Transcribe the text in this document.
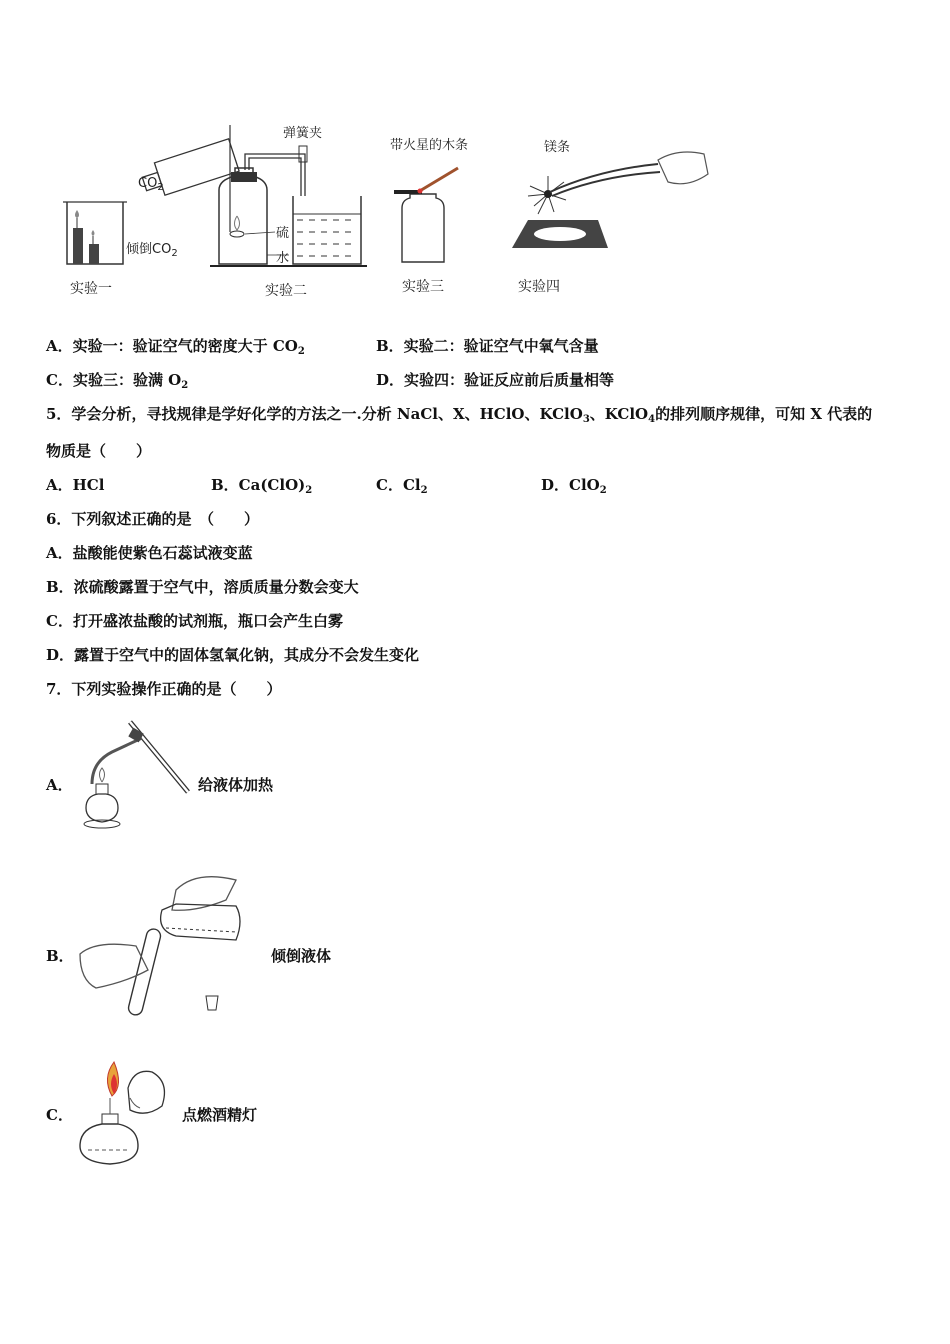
$CO_2$
倾倒$CO_2$
实验一
弹簧夹
硫
水
实验二
带火星的木条
实验三
镁条
实验四
A．实验一：验证空气的密度大于 $CO_2$	B．实验二：验证空气中氧气含量
C．实验三：验满 $O_2$	D．实验四：验证反应前后质量相等
5．学会分析，寻找规律是学好化学的方法之一.分析 NaCl、X、HClO、KClO$_3$、KClO$_4$的排列顺序规律，可知 X 代表的
物质是（　　）
A．HCl	B．$Ca(ClO)_2$	C．$Cl_2$	D．ClO$_2$
6．下列叙述正确的是　（　　）
A．盐酸能使紫色石蕊试液变蓝
B．浓硫酸露置于空气中，溶质质量分数会变大
C．打开盛浓盐酸的试剂瓶，瓶口会产生白雾
D．露置于空气中的固体氢氧化钠，其成分不会发生变化
7．下列实验操作正确的是（　　）
A．	给液体加热
B．	倾倒液体
C．	点燃酒精灯
